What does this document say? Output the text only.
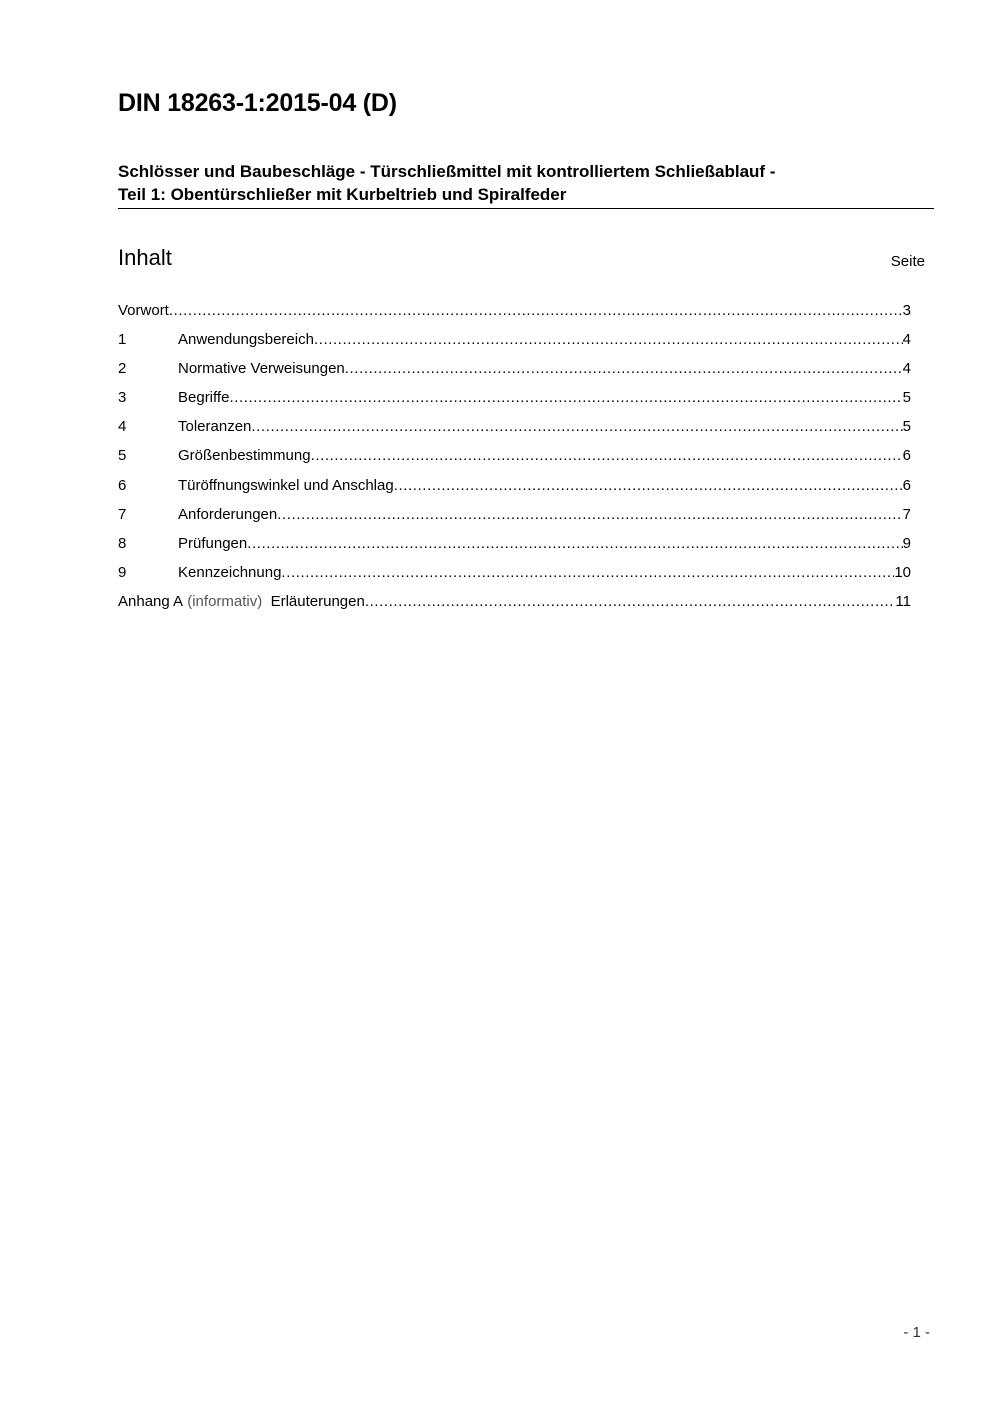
DIN 18263-1:2015-04 (D)
Schlösser und Baubeschläge - Türschließmittel mit kontrolliertem Schließablauf -
Teil 1: Obentürschließer mit Kurbeltrieb und Spiralfeder
Inhalt	Seite
Vorwort .....	3
1	Anwendungsbereich .....	4
2	Normative Verweisungen .....	4
3	Begriffe .....	5
4	Toleranzen .....	5
5	Größenbestimmung .....	6
6	Türöffnungswinkel und Anschlag .....	6
7	Anforderungen .....	7
8	Prüfungen .....	9
9	Kennzeichnung .....	10
Anhang A (informativ) Erläuterungen .....	11
- 1 -
